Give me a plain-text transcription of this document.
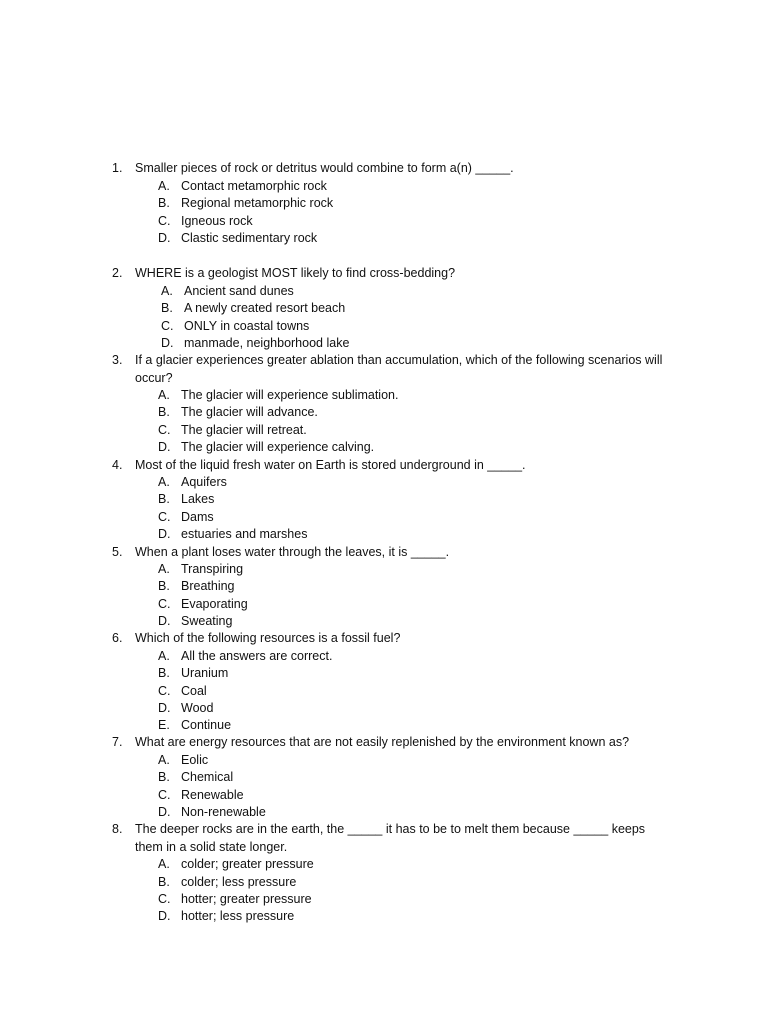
1.	Smaller pieces of rock or detritus would combine to form a(n) _____.
A. Contact metamorphic rock
B. Regional metamorphic rock
C. Igneous rock
D. Clastic sedimentary rock
2.	WHERE is a geologist MOST likely to find cross-bedding?
A. Ancient sand dunes
B. A newly created resort beach
C. ONLY in coastal towns
D. manmade, neighborhood lake
3.	If a glacier experiences greater ablation than accumulation, which of the following scenarios will
occur?
A. The glacier will experience sublimation.
B. The glacier will advance.
C. The glacier will retreat.
D. The glacier will experience calving.
4.	Most of the liquid fresh water on Earth is stored underground in _____.
A. Aquifers
B. Lakes
C. Dams
D. estuaries and marshes
5.	When a plant loses water through the leaves, it is _____.
A. Transpiring
B. Breathing
C. Evaporating
D. Sweating
6.	Which of the following resources is a fossil fuel?
A. All the answers are correct.
B. Uranium
C. Coal
D. Wood
E. Continue
7.	What are energy resources that are not easily replenished by the environment known as?
A. Eolic
B. Chemical
C. Renewable
D. Non-renewable
8.	The deeper rocks are in the earth, the _____ it has to be to melt them because _____ keeps
them in a solid state longer.
A. colder; greater pressure
B. colder; less pressure
C. hotter; greater pressure
D. hotter; less pressure
